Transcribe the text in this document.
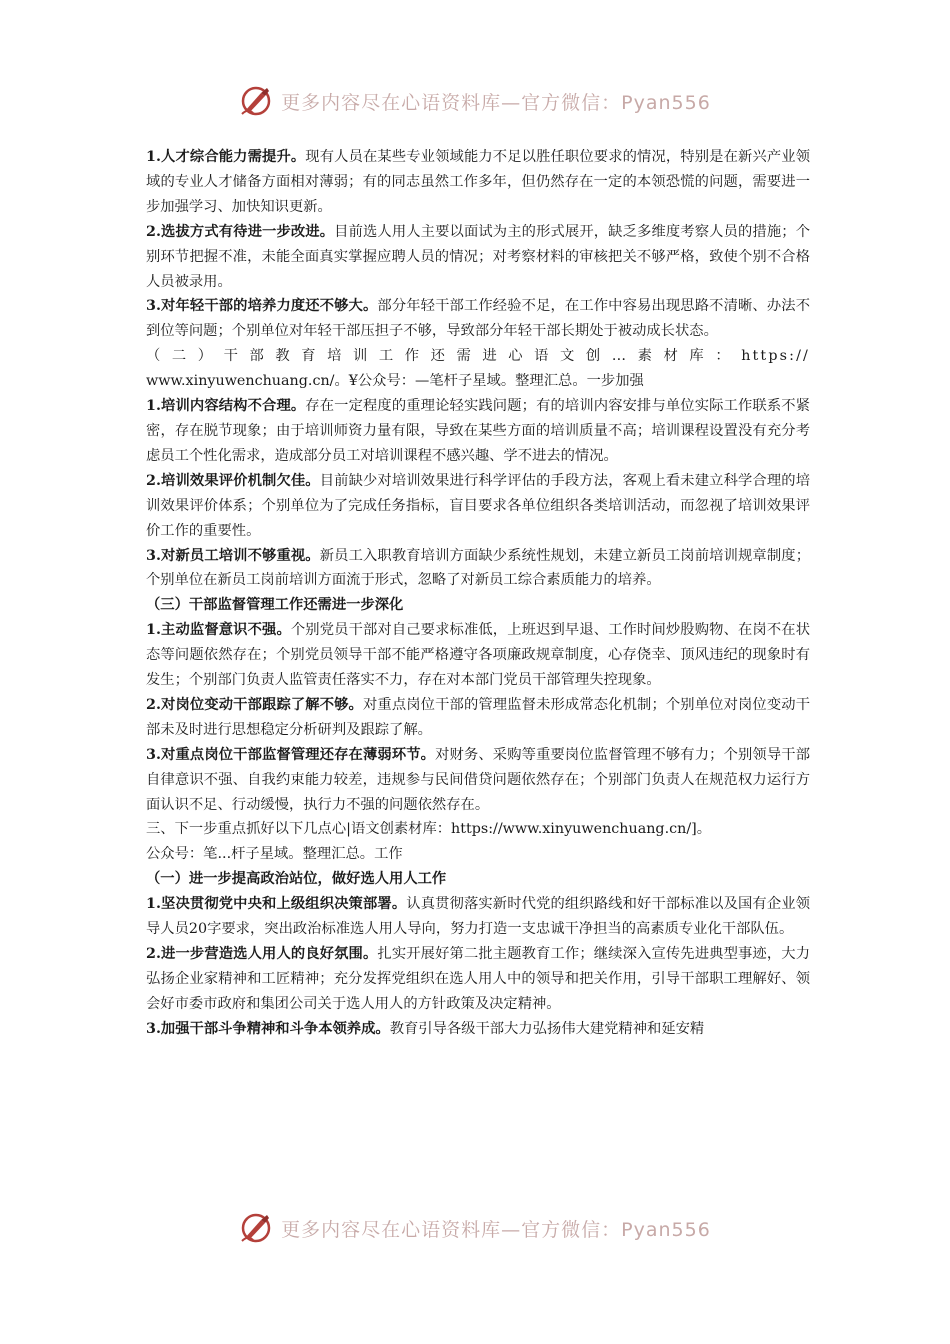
更多内容尽在心语资料库—官方微信：Pyan556

1.人才综合能力需提升。现有人员在某些专业领域能力不足以胜任职位要求的情况，特别是在新兴产业领域的专业人才储备方面相对薄弱；有的同志虽然工作多年，但仍然存在一定的本领恐慌的问题，需要进一步加强学习、加快知识更新。

2.选拔方式有待进一步改进。目前选人用人主要以面试为主的形式展开，缺乏多维度考察人员的措施；个别环节把握不准，未能全面真实掌握应聘人员的情况；对考察材料的审核把关不够严格，致使个别不合格人员被录用。

3.对年轻干部的培养力度还不够大。部分年轻干部工作经验不足，在工作中容易出现思路不清晰、办法不到位等问题；个别单位对年轻干部压担子不够，导致部分年轻干部长期处于被动成长状态。

（二）干部教育培训工作还需进心语文创…素材库：https://

www.xinyuwenchuang.cn/。¥公众号：—笔杆子星域。整理汇总。一步加强

1.培训内容结构不合理。存在一定程度的重理论轻实践问题；有的培训内容安排与单位实际工作联系不紧密，存在脱节现象；由于培训师资力量有限，导致在某些方面的培训质量不高；培训课程设置没有充分考虑员工个性化需求，造成部分员工对培训课程不感兴趣、学不进去的情况。

2.培训效果评价机制欠佳。目前缺少对培训效果进行科学评估的手段方法，客观上看未建立科学合理的培训效果评价体系；个别单位为了完成任务指标，盲目要求各单位组织各类培训活动，而忽视了培训效果评价工作的重要性。

3.对新员工培训不够重视。新员工入职教育培训方面缺少系统性规划，未建立新员工岗前培训规章制度；个别单位在新员工岗前培训方面流于形式，忽略了对新员工综合素质能力的培养。

（三）干部监督管理工作还需进一步深化

1.主动监督意识不强。个别党员干部对自己要求标准低，上班迟到早退、工作时间炒股购物、在岗不在状态等问题依然存在；个别党员领导干部不能严格遵守各项廉政规章制度，心存侥幸、顶风违纪的现象时有发生；个别部门负责人监管责任落实不力，存在对本部门党员干部管理失控现象。

2.对岗位变动干部跟踪了解不够。对重点岗位干部的管理监督未形成常态化机制；个别单位对岗位变动干部未及时进行思想稳定分析研判及跟踪了解。

3.对重点岗位干部监督管理还存在薄弱环节。对财务、采购等重要岗位监督管理不够有力；个别领导干部自律意识不强、自我约束能力较差，违规参与民间借贷问题依然存在；个别部门负责人在规范权力运行方面认识不足、行动缓慢，执行力不强的问题依然存在。

三、下一步重点抓好以下几点心|语文创素材库：https://www.xinyuwenchuang.cn/]。

公众号：笔...杆子星域。整理汇总。工作

（一）进一步提高政治站位，做好选人用人工作

1.坚决贯彻党中央和上级组织决策部署。认真贯彻落实新时代党的组织路线和好干部标准以及国有企业领导人员20字要求，突出政治标准选人用人导向，努力打造一支忠诚干净担当的高素质专业化干部队伍。

2.进一步营造选人用人的良好氛围。扎实开展好第二批主题教育工作；继续深入宣传先进典型事迹，大力弘扬企业家精神和工匠精神；充分发挥党组织在选人用人中的领导和把关作用，引导干部职工理解好、领会好市委市政府和集团公司关于选人用人的方针政策及决定精神。

3.加强干部斗争精神和斗争本领养成。教育引导各级干部大力弘扬伟大建党精神和延安精

更多内容尽在心语资料库—官方微信：Pyan556
